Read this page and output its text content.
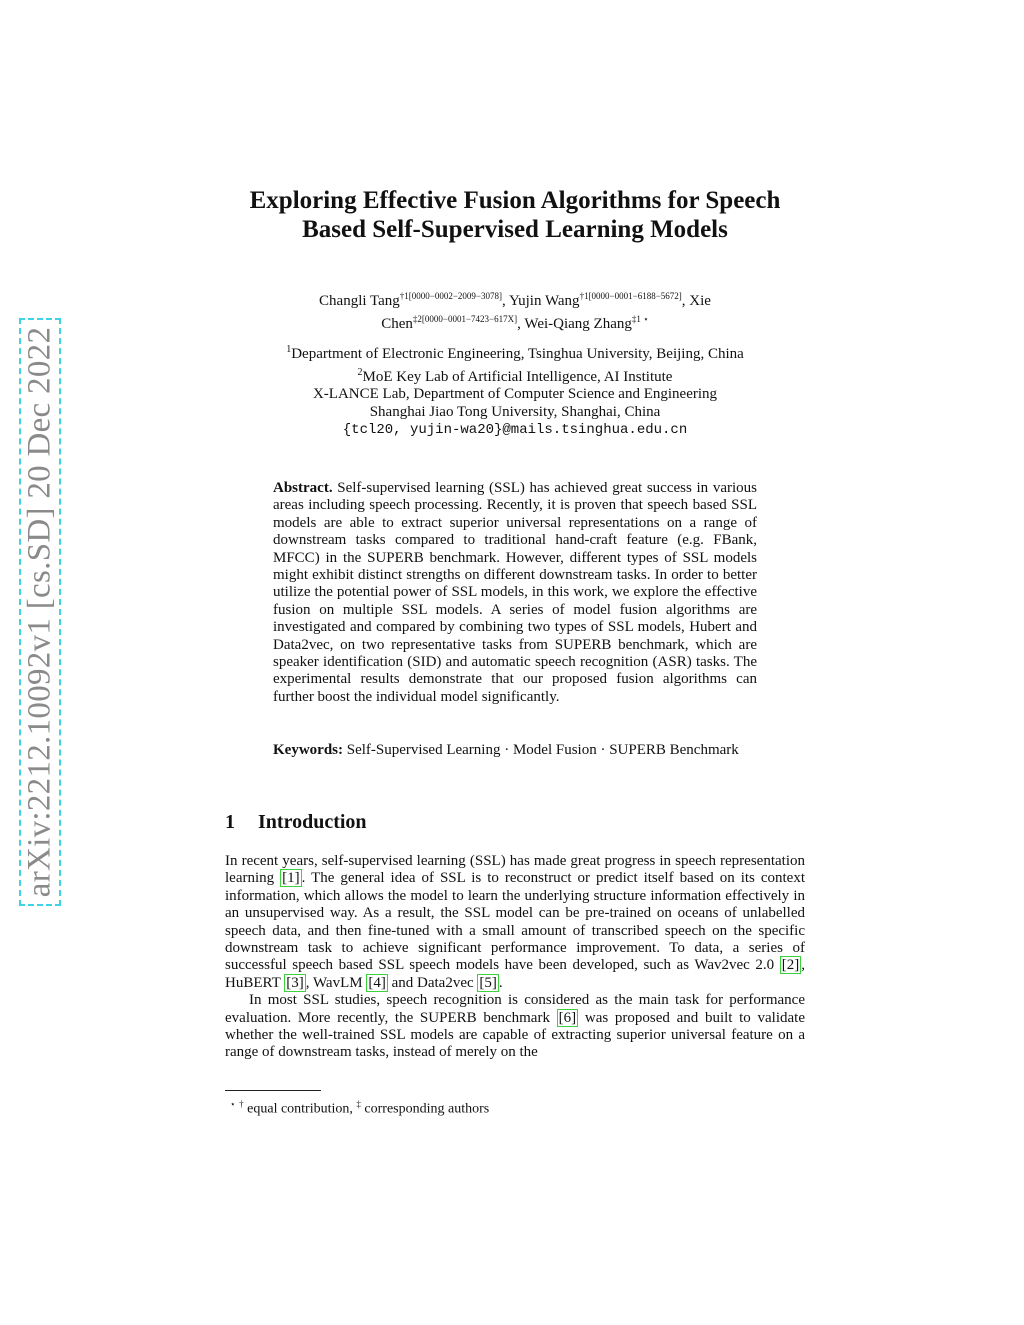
arXiv:2212.10092v1 [cs.SD] 20 Dec 2022
Exploring Effective Fusion Algorithms for Speech
Based Self-Supervised Learning Models
Changli Tang$^{\dagger 1[0000-0002-2009-3078]}$, Yujin Wang$^{\dagger 1[0000-0001-6188-5672]}$, Xie
Chen$^{\ddagger 2[0000-0001-7423-617X]}$, Wei-Qiang Zhang$^{\ddagger 1 ⋆}$
$^1$Department of Electronic Engineering, Tsinghua University, Beijing, China
$^2$MoE Key Lab of Artificial Intelligence, AI Institute
X-LANCE Lab, Department of Computer Science and Engineering
Shanghai Jiao Tong University, Shanghai, China
{tcl20, yujin-wa20}@mails.tsinghua.edu.cn
Abstract. Self-supervised learning (SSL) has achieved great success in various areas including speech processing. Recently, it is proven that speech based SSL models are able to extract superior universal representations on a range of downstream tasks compared to traditional hand-craft feature (e.g. FBank, MFCC) in the SUPERB benchmark. However, different types of SSL models might exhibit distinct strengths on different downstream tasks. In order to better utilize the potential power of SSL models, in this work, we explore the effective fusion on multiple SSL models. A series of model fusion algorithms are investigated and compared by combining two types of SSL models, Hubert and Data2vec, on two representative tasks from SUPERB benchmark, which are speaker identification (SID) and automatic speech recognition (ASR) tasks. The experimental results demonstrate that our proposed fusion algorithms can further boost the individual model significantly.
Keywords: Self-Supervised Learning · Model Fusion · SUPERB Benchmark
1 Introduction

In recent years, self-supervised learning (SSL) has made great progress in speech representation learning [1] . The general idea of SSL is to reconstruct or predict itself based on its context information, which allows the model to learn the underlying structure information effectively in an unsupervised way. As a result, the SSL model can be pre-trained on oceans of unlabelled speech data, and then fine-tuned with a small amount of transcribed speech on the specific downstream task to achieve significant performance improvement. To data, a series of successful speech based SSL speech models have been developed, such as Wav2vec 2.0 [2] , HuBERT [3] , WavLM [4] and Data2vec [5] .

In most SSL studies, speech recognition is considered as the main task for performance evaluation. More recently, the SUPERB benchmark [6] was proposed and built to validate whether the well-trained SSL models are capable of extracting superior universal feature on a range of downstream tasks, instead of merely on the

⋆ † equal contribution, ‡ corresponding authors
